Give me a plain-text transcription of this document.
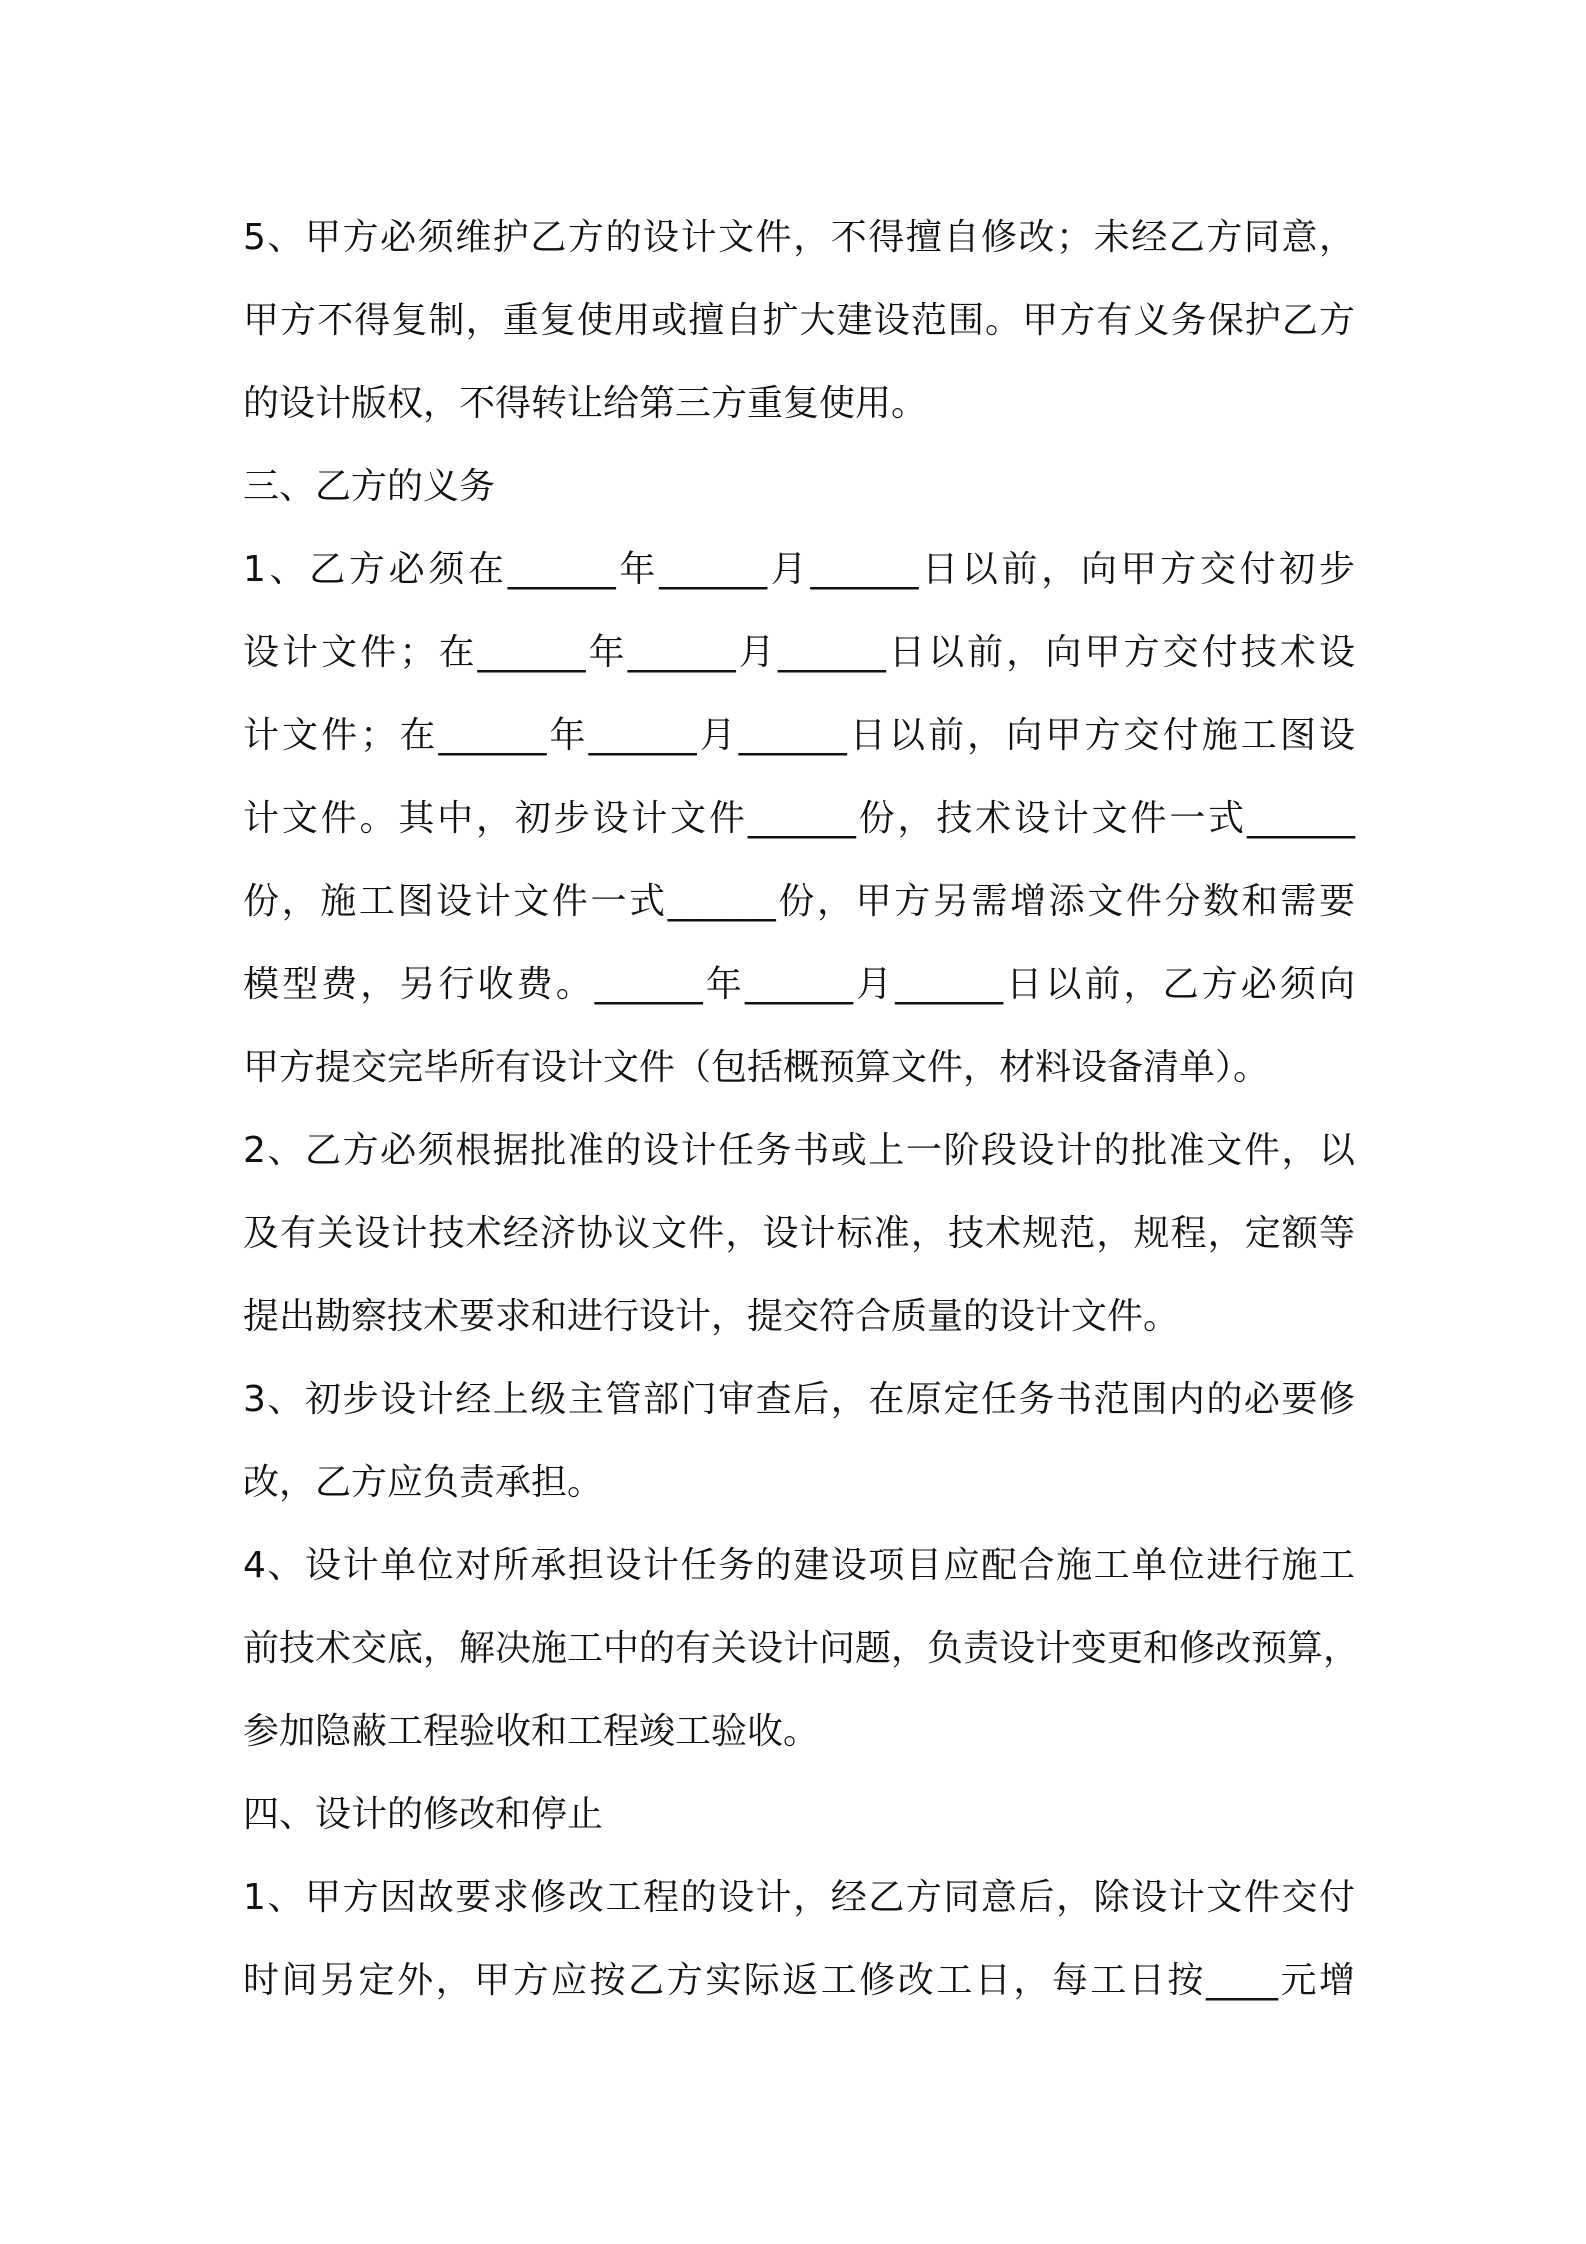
5、甲方必须维护乙方的设计文件，不得擅自修改；未经乙方同意，
甲方不得复制，重复使用或擅自扩大建设范围。甲方有义务保护乙方
的设计版权，不得转让给第三方重复使用。
三、乙方的义务
1、乙方必须在______年______月______日以前，向甲方交付初步
设计文件；在______年______月______日以前，向甲方交付技术设
计文件；在______年______月______日以前，向甲方交付施工图设
计文件。其中，初步设计文件______份，技术设计文件一式______
份，施工图设计文件一式______份，甲方另需增添文件分数和需要
模型费，另行收费。______年______月______日以前，乙方必须向
甲方提交完毕所有设计文件（包括概预算文件，材料设备清单）。
2、乙方必须根据批准的设计任务书或上一阶段设计的批准文件，以
及有关设计技术经济协议文件，设计标准，技术规范，规程，定额等
提出勘察技术要求和进行设计，提交符合质量的设计文件。
3、初步设计经上级主管部门审查后，在原定任务书范围内的必要修
改，乙方应负责承担。
4、设计单位对所承担设计任务的建设项目应配合施工单位进行施工
前技术交底，解决施工中的有关设计问题，负责设计变更和修改预算，
参加隐蔽工程验收和工程竣工验收。
四、设计的修改和停止
1、甲方因故要求修改工程的设计，经乙方同意后，除设计文件交付
时间另定外，甲方应按乙方实际返工修改工日，每工日按____元增
